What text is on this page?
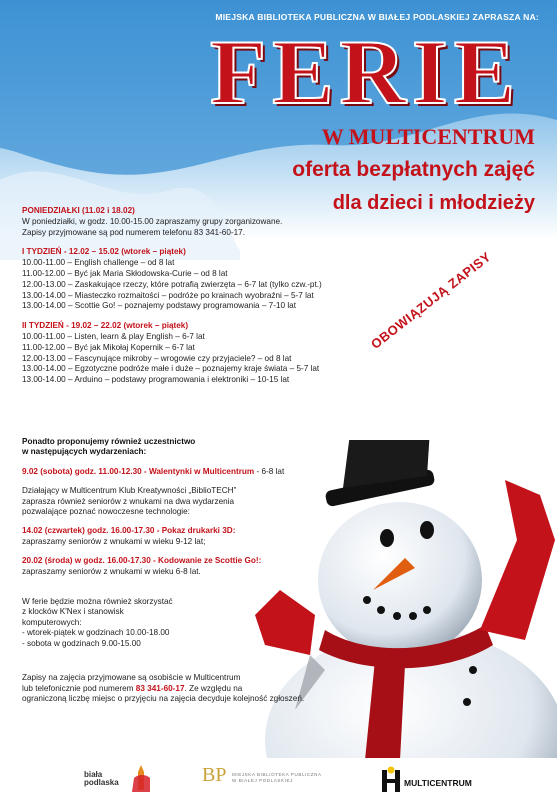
MIEJSKA BIBLIOTEKA PUBLICZNA W BIAŁEJ PODLASKIEJ ZAPRASZA NA:
FERIE
W MULTICENTRUM
oferta bezpłatnych zajęć
dla dzieci i młodzieży
PONIEDZIAŁKI (11.02 i 18.02)
W poniedziałki, w godz. 10.00-15.00 zapraszamy grupy zorganizowane.
Zapisy przyjmowane są pod numerem telefonu 83 341-60-17.
I TYDZIEŃ - 12.02 – 15.02 (wtorek – piątek)
10.00-11.00 – English challenge – od 8 lat
11.00-12.00 – Być jak Maria Skłodowska-Curie – od 8 lat
12.00-13.00 – Zaskakujące rzeczy, które potrafią zwierzęta – 6-7 lat (tylko czw.-pt.)
13.00-14.00 – Miasteczko rozmaitości – podróże po krainach wyobraźni – 5-7 lat
13.00-14.00 – Scottie Go! – poznajemy podstawy programowania – 7-10 lat
II TYDZIEŃ - 19.02 – 22.02 (wtorek – piątek)
10.00-11.00 – Listen, learn & play English – 6-7 lat
11.00-12.00 – Być jak Mikołaj Kopernik – 6-7 lat
12.00-13.00 – Fascynujące mikroby – wrogowie czy przyjaciele? – od 8 lat
13.00-14.00 – Egzotyczne podróże małe i duże – poznajemy kraje świata – 5-7 lat
13.00-14.00 – Arduino – podstawy programowania i elektroniki – 10-15 lat
OBOWIĄZUJĄ ZAPISY
Ponadto proponujemy również uczestnictwo
w następujących wydarzeniach:
9.02 (sobota) godz. 11.00-12.30 - Walentynki w Multicentrum - 6-8 lat
Działający w Multicentrum Klub Kreatywności „BiblioTECH”
zaprasza również seniorów z wnukami na dwa wydarzenia
pozwalające poznać nowoczesne technologie:
14.02 (czwartek) godz. 16.00-17.30 - Pokaz drukarki 3D:
zapraszamy seniorów z wnukami w wieku 9-12 lat;
20.02 (środa) w godz. 16.00-17.30 - Kodowanie ze Scottie Go!:
zapraszamy seniorów z wnukami w wieku 6-8 lat.
W ferie będzie można również skorzystać
z klocków K'Nex i stanowisk
komputerowych:
- wtorek-piątek w godzinach 10.00-18.00
- sobota w godzinach 9.00-15.00
Zapisy na zajęcia przyjmowane są osobiście w Multicentrum
lub telefonicznie pod numerem 83 341-60-17. Ze względu na
ograniczoną liczbę miejsc o przyjęciu na zajęcia decyduje kolejność zgłoszeń.
biała
podlaska	BP MIEJSKA BIBLIOTEKA PUBLICZNA
W BIAŁEJ PODLASKIEJ	MULTICENTRUM
